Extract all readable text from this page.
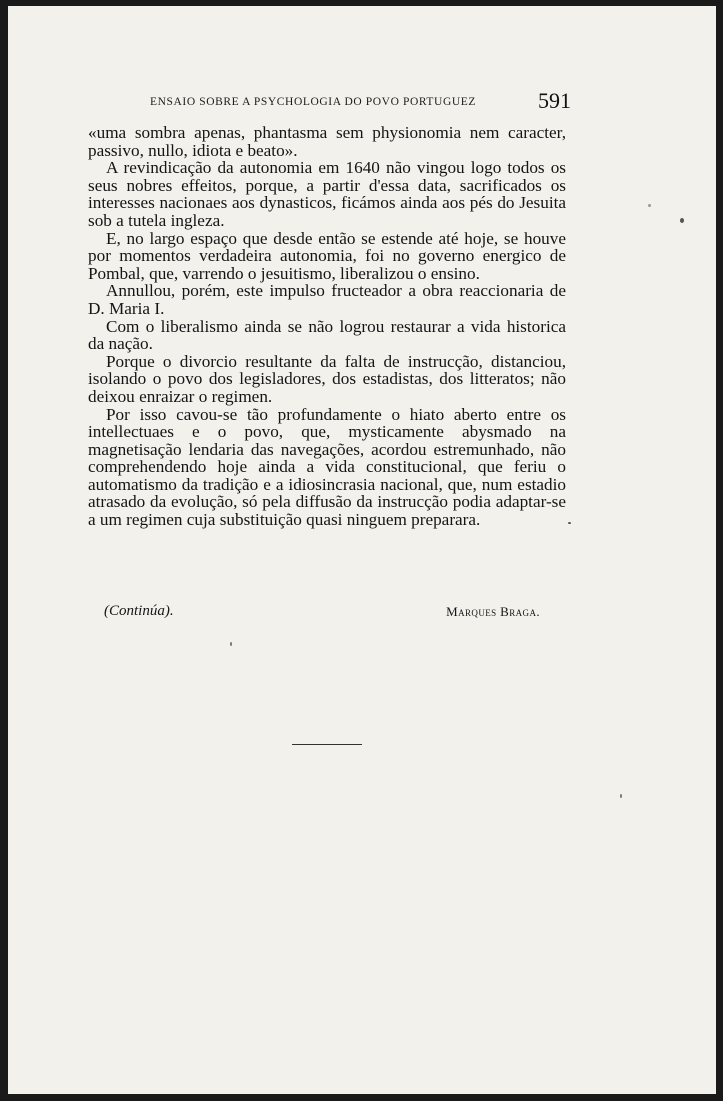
ENSAIO SOBRE A PSYCHOLOGIA DO POVO PORTUGUEZ	591

«uma sombra apenas, phantasma sem physionomia nem caracter, passivo, nullo, idiota e beato».

A revindicação da autonomia em 1640 não vingou logo todos os seus nobres effeitos, porque, a partir d'essa data, sacrificados os interesses nacionaes aos dynasticos, ficámos ainda aos pés do Jesuita sob a tutela ingleza.

E, no largo espaço que desde então se estende até hoje, se houve por momentos verdadeira autonomia, foi no governo energico de Pombal, que, varrendo o jesuitismo, liberalizou o ensino.

Annullou, porém, este impulso fructeador a obra reaccionaria de D. Maria I.

Com o liberalismo ainda se não logrou restaurar a vida historica da nação.

Porque o divorcio resultante da falta de instrucção, distanciou, isolando o povo dos legisladores, dos estadistas, dos litteratos; não deixou enraizar o regimen.

Por isso cavou-se tão profundamente o hiato aberto entre os intellectuaes e o povo, que, mysticamente abysmado na magnetisação lendaria das navegações, acordou estremunhado, não comprehendendo hoje ainda a vida constitucional, que feriu o automatismo da tradição e a idiosincrasia nacional, que, num estadio atrasado da evolução, só pela diffusão da instrucção podia adaptar-se a um regimen cuja substituição quasi ninguem preparara.

(Continúa).	Marques Braga.
